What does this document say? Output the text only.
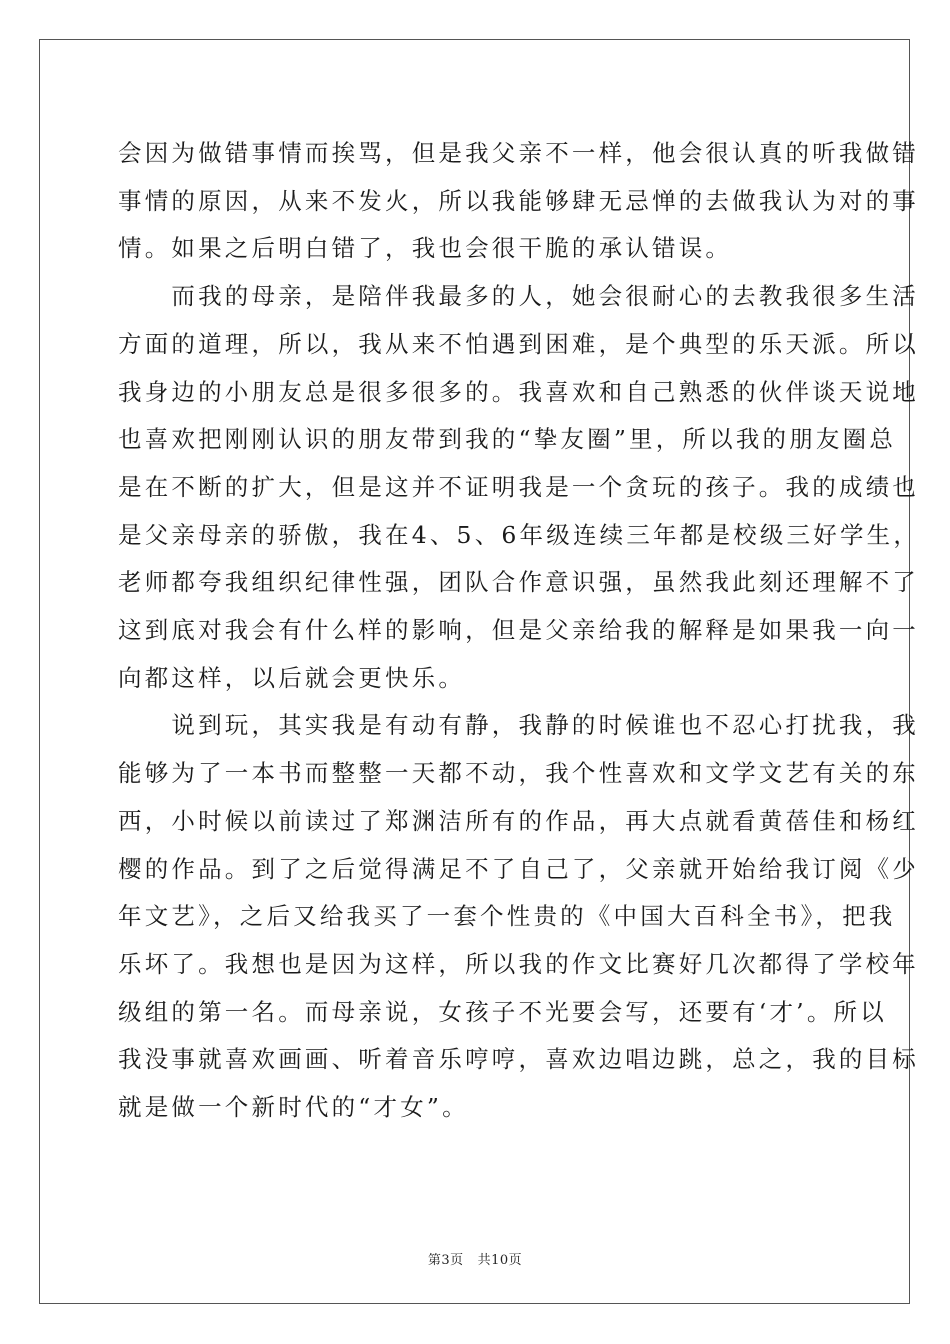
会因为做错事情而挨骂，但是我父亲不一样，他会很认真的听我做错
事情的原因，从来不发火，所以我能够肆无忌惮的去做我认为对的事
情。如果之后明白错了，我也会很干脆的承认错误。
　　而我的母亲，是陪伴我最多的人，她会很耐心的去教我很多生活
方面的道理，所以，我从来不怕遇到困难，是个典型的乐天派。所以
我身边的小朋友总是很多很多的。我喜欢和自己熟悉的伙伴谈天说地
也喜欢把刚刚认识的朋友带到我的“挚友圈”里，所以我的朋友圈总
是在不断的扩大，但是这并不证明我是一个贪玩的孩子。我的成绩也
是父亲母亲的骄傲，我在4、5、6年级连续三年都是校级三好学生，
老师都夸我组织纪律性强，团队合作意识强，虽然我此刻还理解不了
这到底对我会有什么样的影响，但是父亲给我的解释是如果我一向一
向都这样，以后就会更快乐。
　　说到玩，其实我是有动有静，我静的时候谁也不忍心打扰我，我
能够为了一本书而整整一天都不动，我个性喜欢和文学文艺有关的东
西，小时候以前读过了郑渊洁所有的作品，再大点就看黄蓓佳和杨红
樱的作品。到了之后觉得满足不了自己了，父亲就开始给我订阅《少
年文艺》，之后又给我买了一套个性贵的《中国大百科全书》，把我
乐坏了。我想也是因为这样，所以我的作文比赛好几次都得了学校年
级组的第一名。而母亲说，女孩子不光要会写，还要有‘才’。所以
我没事就喜欢画画、听着音乐哼哼，喜欢边唱边跳，总之，我的目标
就是做一个新时代的“才女”。
第3页 共10页
